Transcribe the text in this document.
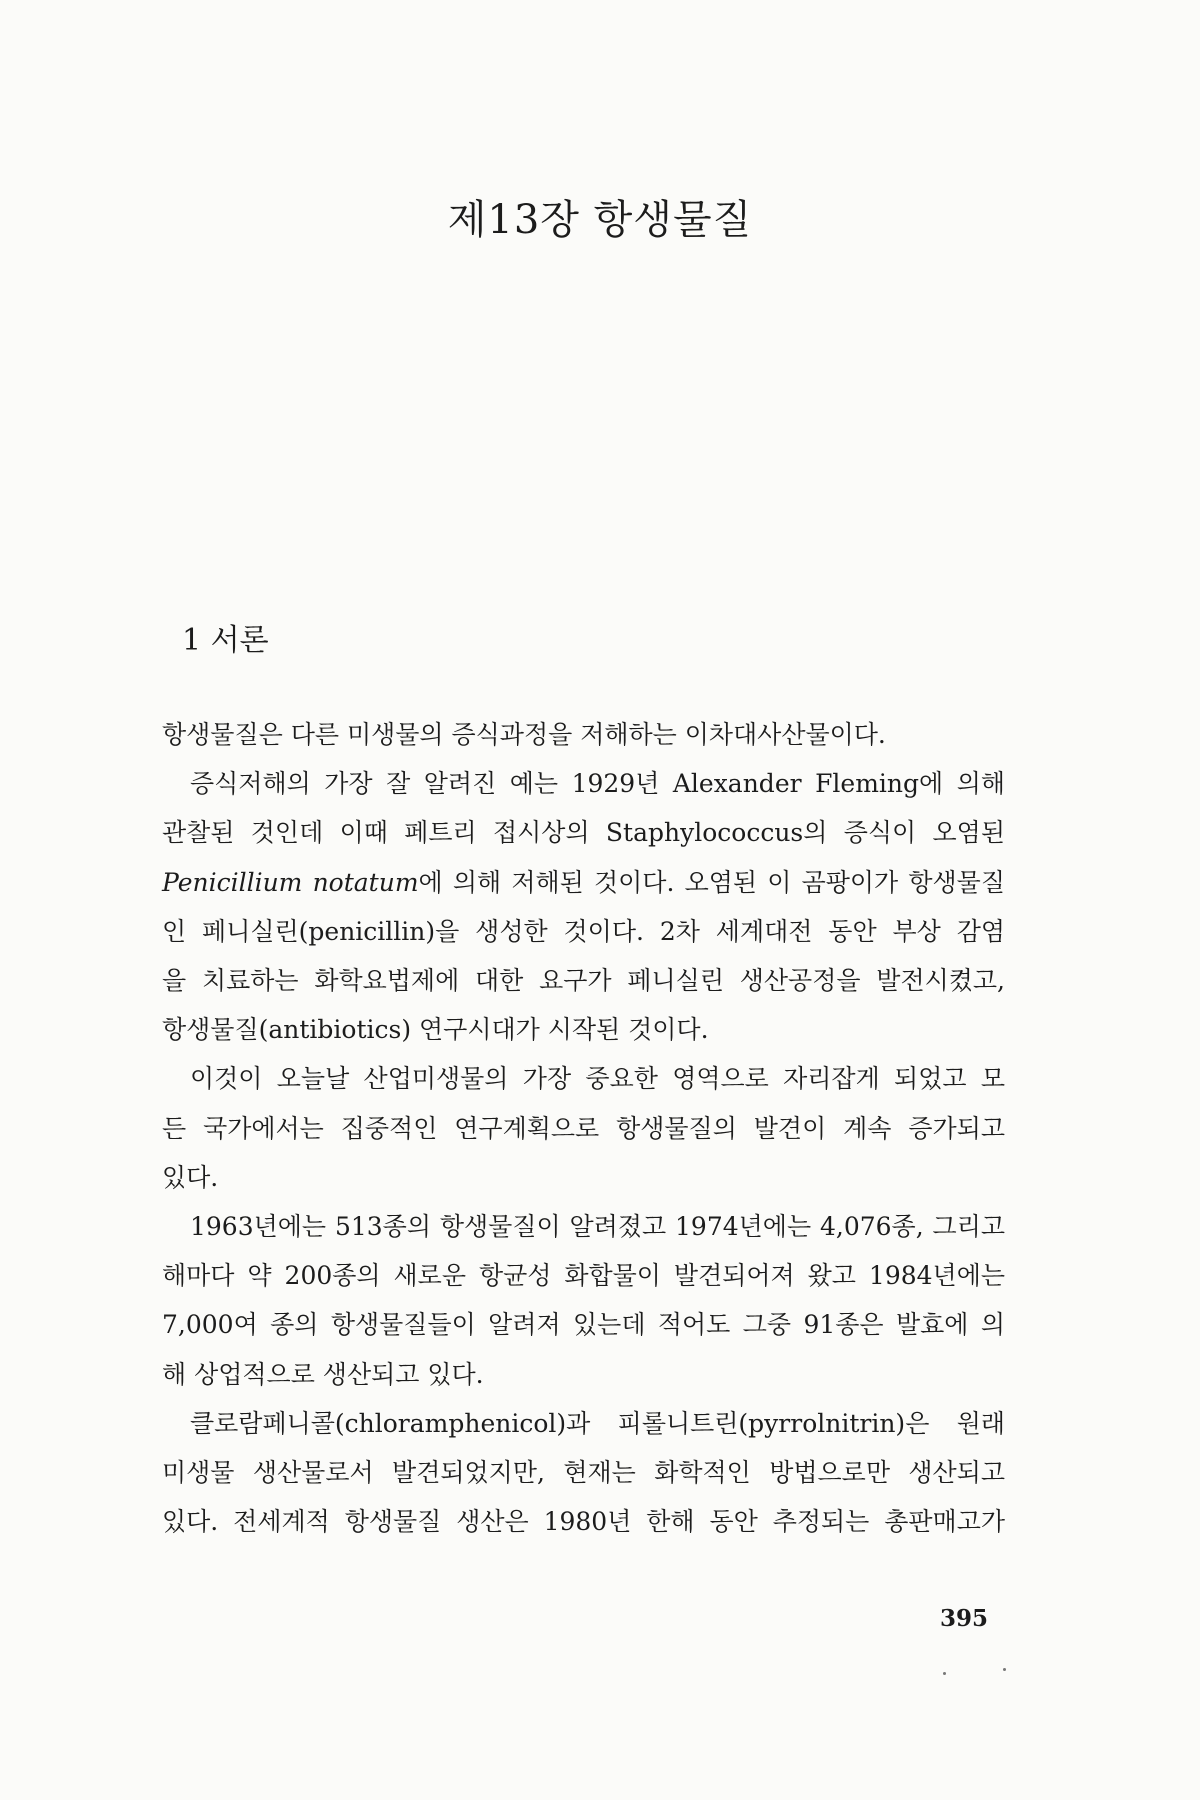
제13장 항생물질
1 서론
항생물질은 다른 미생물의 증식과정을 저해하는 이차대사산물이다.
증식저해의 가장 잘 알려진 예는 1929년 Alexander Fleming에 의해
관찰된 것인데 이때 페트리 접시상의 Staphylococcus의 증식이 오염된
Penicillium notatum에 의해 저해된 것이다. 오염된 이 곰팡이가 항생물질
인 페니실린(penicillin)을 생성한 것이다. 2차 세계대전 동안 부상 감염
을 치료하는 화학요법제에 대한 요구가 페니실린 생산공정을 발전시켰고,
항생물질(antibiotics) 연구시대가 시작된 것이다.
이것이 오늘날 산업미생물의 가장 중요한 영역으로 자리잡게 되었고 모
든 국가에서는 집중적인 연구계획으로 항생물질의 발견이 계속 증가되고
있다.
1963년에는 513종의 항생물질이 알려졌고 1974년에는 4,076종, 그리고
해마다 약 200종의 새로운 항균성 화합물이 발견되어져 왔고 1984년에는
7,000여 종의 항생물질들이 알려져 있는데 적어도 그중 91종은 발효에 의
해 상업적으로 생산되고 있다.
클로람페니콜(chloramphenicol)과 피롤니트린(pyrrolnitrin)은 원래
미생물 생산물로서 발견되었지만, 현재는 화학적인 방법으로만 생산되고
있다. 전세계적 항생물질 생산은 1980년 한해 동안 추정되는 총판매고가
395
